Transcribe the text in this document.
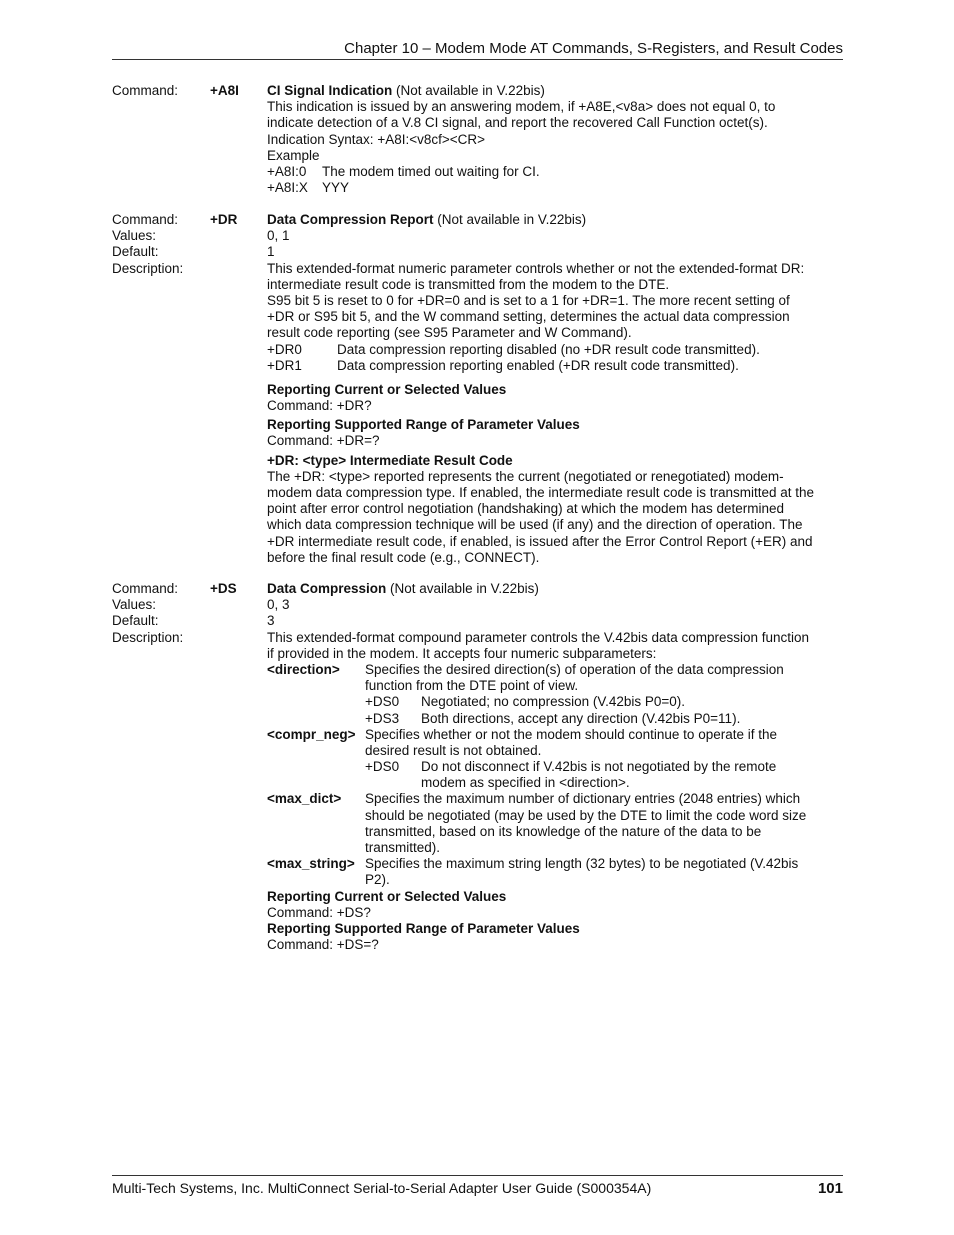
Chapter 10 – Modem Mode AT Commands, S-Registers, and Result Codes
Command: +A8I CI Signal Indication (Not available in V.22bis)
This indication is issued by an answering modem, if +A8E,<v8a> does not equal 0, to
indicate detection of a V.8 CI signal, and report the recovered Call Function octet(s).
Indication Syntax: +A8I:<v8cf><CR>
Example
+A8I:0 The modem timed out waiting for CI.
+A8I:X YYY
Command: +DR Data Compression Report (Not available in V.22bis)
Values:	0, 1
Default:	1
Description:	This extended-format numeric parameter controls whether or not the extended-format DR:
intermediate result code is transmitted from the modem to the DTE.
S95 bit 5 is reset to 0 for +DR=0 and is set to a 1 for +DR=1. The more recent setting of
+DR or S95 bit 5, and the W command setting, determines the actual data compression
result code reporting (see S95 Parameter and W Command).
+DR0	Data compression reporting disabled (no +DR result code transmitted).
+DR1	Data compression reporting enabled (+DR result code transmitted).
Reporting Current or Selected Values
Command: +DR?
Reporting Supported Range of Parameter Values
Command: +DR=?
+DR: <type> Intermediate Result Code
The +DR: <type> reported represents the current (negotiated or renegotiated) modem-
modem data compression type. If enabled, the intermediate result code is transmitted at the
point after error control negotiation (handshaking) at which the modem has determined
which data compression technique will be used (if any) and the direction of operation. The
+DR intermediate result code, if enabled, is issued after the Error Control Report (+ER) and
before the final result code (e.g., CONNECT).
Command: +DS Data Compression (Not available in V.22bis)
Values:	0, 3
Default:	3
Description:	This extended-format compound parameter controls the V.42bis data compression function
if provided in the modem. It accepts four numeric subparameters:
<direction> Specifies the desired direction(s) of operation of the data compression
function from the DTE point of view.
+DS0 Negotiated; no compression (V.42bis P0=0).
+DS3 Both directions, accept any direction (V.42bis P0=11).
<compr_neg> Specifies whether or not the modem should continue to operate if the
desired result is not obtained.
+DS0 Do not disconnect if V.42bis is not negotiated by the remote
modem as specified in <direction>.
<max_dict> Specifies the maximum number of dictionary entries (2048 entries) which
should be negotiated (may be used by the DTE to limit the code word size
transmitted, based on its knowledge of the nature of the data to be
transmitted).
<max_string> Specifies the maximum string length (32 bytes) to be negotiated (V.42bis
P2).
Reporting Current or Selected Values
Command: +DS?
Reporting Supported Range of Parameter Values
Command: +DS=?
Multi-Tech Systems, Inc. MultiConnect Serial-to-Serial Adapter User Guide (S000354A)	101
